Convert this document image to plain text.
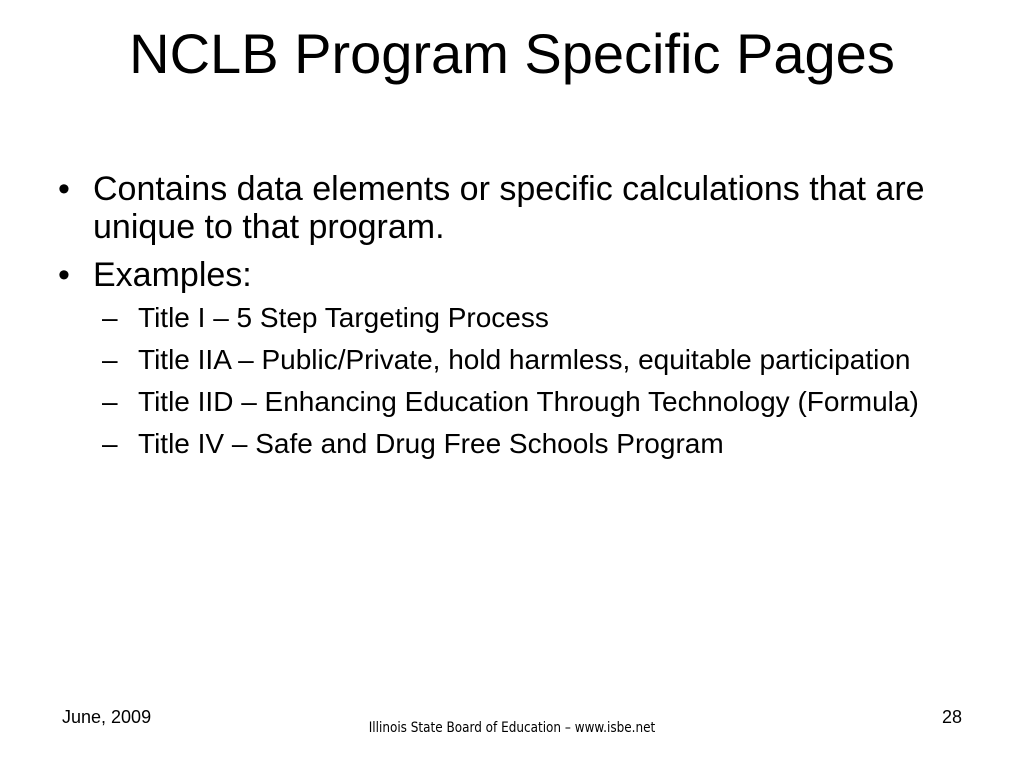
NCLB Program Specific Pages
• Contains data elements or specific calculations that are unique to that program.
• Examples:
– Title I – 5 Step Targeting Process
– Title IIA – Public/Private, hold harmless, equitable participation
– Title IID – Enhancing Education Through Technology (Formula)
– Title IV – Safe and Drug Free Schools Program
June, 2009
Illinois State Board of Education – www.isbe.net
28
